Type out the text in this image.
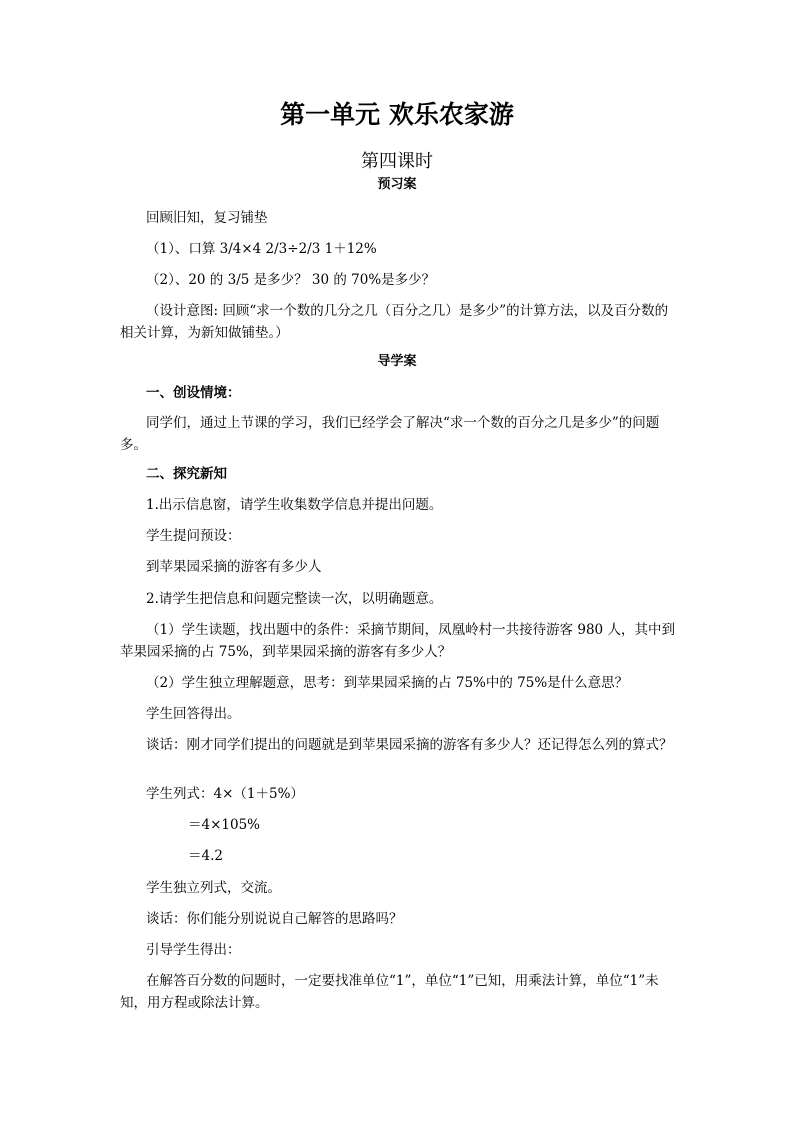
第一单元 欢乐农家游
第四课时
预习案
回顾旧知，复习铺垫
（1）、口算 3/4×4 2/3÷2/3 1＋12%
（2）、20 的 3/5 是多少？ 30 的 70%是多少？
（设计意图: 回顾“求一个数的几分之几（百分之几）是多少”的计算方法，以及百分数的相关计算，为新知做铺垫。）
导学案
一、创设情境：
同学们，通过上节课的学习，我们已经学会了解决“求一个数的百分之几是多少”的问题多。
二、探究新知
1.出示信息窗，请学生收集数学信息并提出问题。
学生提问预设：
到苹果园采摘的游客有多少人
2.请学生把信息和问题完整读一次，以明确题意。
（1）学生读题，找出题中的条件：采摘节期间，凤凰岭村一共接待游客 980 人，其中到苹果园采摘的占 75%，到苹果园采摘的游客有多少人？
（2）学生独立理解题意，思考：到苹果园采摘的占 75%中的 75%是什么意思？
学生回答得出。
谈话：刚才同学们提出的问题就是到苹果园采摘的游客有多少人？还记得怎么列的算式？
学生列式：4×（1＋5%）
＝4×105%
＝4.2
学生独立列式，交流。
谈话：你们能分别说说自己解答的思路吗？
引导学生得出：
在解答百分数的问题时，一定要找准单位“1”，单位“1”已知，用乘法计算，单位“1”未知，用方程或除法计算。
